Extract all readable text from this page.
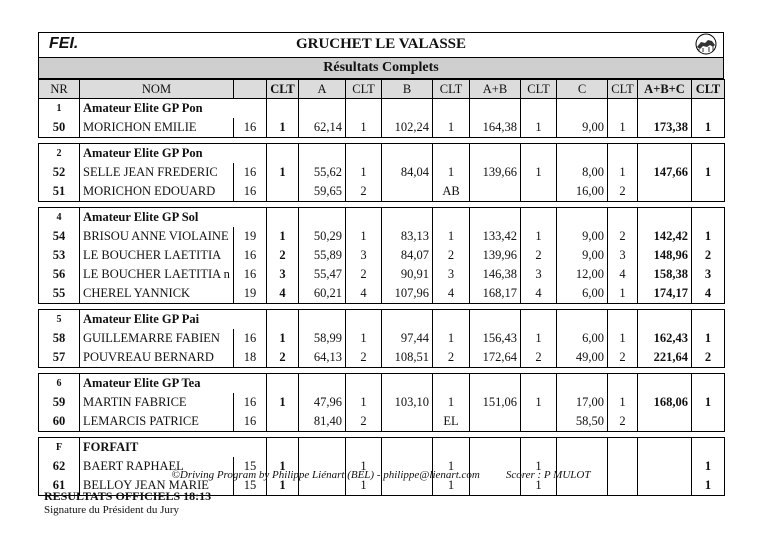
FEI.	GRUCHET LE VALASSE
Résultats Complets
NR	NOM		CLT	A	CLT	B	CLT	A+B	CLT	C	CLT	A+B+C	CLT
1	Amateur Elite GP Pon												
50	MORICHON EMILIE	16	1	62,14	1	102,24	1	164,38	1	9,00	1	173,38	1

2	Amateur Elite GP Pon												
52	SELLE JEAN FREDERIC	16	1	55,62	1	84,04	1	139,66	1	8,00	1	147,66	1
51	MORICHON EDOUARD	16		59,65	2		AB			16,00	2		

4	Amateur Elite GP Sol												
54	BRISOU ANNE VIOLAINE	19	1	50,29	1	83,13	1	133,42	1	9,00	2	142,42	1
53	LE BOUCHER LAETITIA	16	2	55,89	3	84,07	2	139,96	2	9,00	3	148,96	2
56	LE BOUCHER LAETITIA n	16	3	55,47	2	90,91	3	146,38	3	12,00	4	158,38	3
55	CHEREL YANNICK	19	4	60,21	4	107,96	4	168,17	4	6,00	1	174,17	4

5	Amateur Elite GP Pai												
58	GUILLEMARRE FABIEN	16	1	58,99	1	97,44	1	156,43	1	6,00	1	162,43	1
57	POUVREAU BERNARD	18	2	64,13	2	108,51	2	172,64	2	49,00	2	221,64	2

6	Amateur Elite GP Tea												
59	MARTIN FABRICE	16	1	47,96	1	103,10	1	151,06	1	17,00	1	168,06	1
60	LEMARCIS PATRICE	16		81,40	2		EL			58,50	2		

F	FORFAIT												
62	BAERT RAPHAEL	15	1		1		1		1				1
61	BELLOY JEAN MARIE	15	1		1		1		1				1
©Driving Program by Philippe Liénart (BEL) - philippe@lienart.com Scorer : P MULOT
RESULTATS OFFICIELS 18:13
Signature du Président du Jury
